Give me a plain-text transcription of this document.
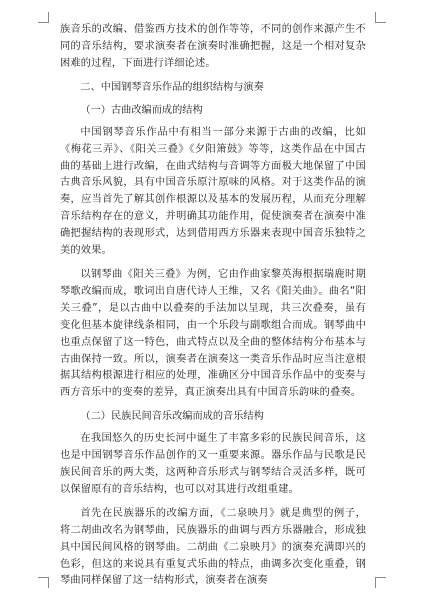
族音乐的改编、借鉴西方技术的创作等等，不同的创作来源产生不同的音乐结构，要求演奏者在演奏时准确把握，这是一个相对复杂困难的过程，下面进行详细论述。

二、中国钢琴音乐作品的组织结构与演奏
（一）古曲改编而成的结构

中国钢琴音乐作品中有相当一部分来源于古曲的改编，比如《梅花三弄》、《阳关三叠》《夕阳箫鼓》等等，这类作品在中国古曲的基础上进行改编，在曲式结构与音调等方面极大地保留了中国古典音乐风貌，具有中国音乐原汁原味的风格。对于这类作品的演奏，应当首先了解其创作根源以及基本的发展历程，从而充分理解音乐结构存在的意义，并明确其功能作用，促使演奏者在演奏中准确把握结构的表现形式，达到借用西方乐器来表现中国音乐独特之美的效果。

以钢琴曲《阳关三叠》为例，它由作曲家黎英海根据瑞鹿时期琴歌改编而成，歌词出自唐代诗人王维，又名《阳关曲》。曲名“阳关三叠”，是以古曲中以叠奏的手法加以呈现，共三次叠奏，虽有变化但基本旋律线条相同，由一个乐段与副歌组合而成。钢琴曲中也重点保留了这一特色，曲式特点以及全曲的整体结构分布基本与古曲保持一致。所以，演奏者在演奏这一类音乐作品时应当注意根据其结构根源进行相应的处理，准确区分中国音乐作品中的变奏与西方音乐中的变奏的差异，真正演奏出具有中国音乐韵味的叠奏。

（二）民族民间音乐改编而成的音乐结构

在我国悠久的历史长河中诞生了丰富多彩的民族民间音乐，这也是中国钢琴音乐作品创作的又一重要来源。器乐作品与民歌是民族民间音乐的两大类，这两种音乐形式与钢琴结合灵活多样，既可以保留原有的音乐结构，也可以对其进行改组重建。

首先在民族器乐的改编方面，《二泉映月》就是典型的例子，将二胡曲改名为钢琴曲，民族器乐的曲调与西方乐器融合，形成独具中国民间风格的钢琴曲。二胡曲《二泉映月》的演奏充满即兴的色彩，但这的来说具有重复式乐曲的特点，曲调多次变化重叠，钢琴曲同样保留了这一结构形式，演奏者在演奏
